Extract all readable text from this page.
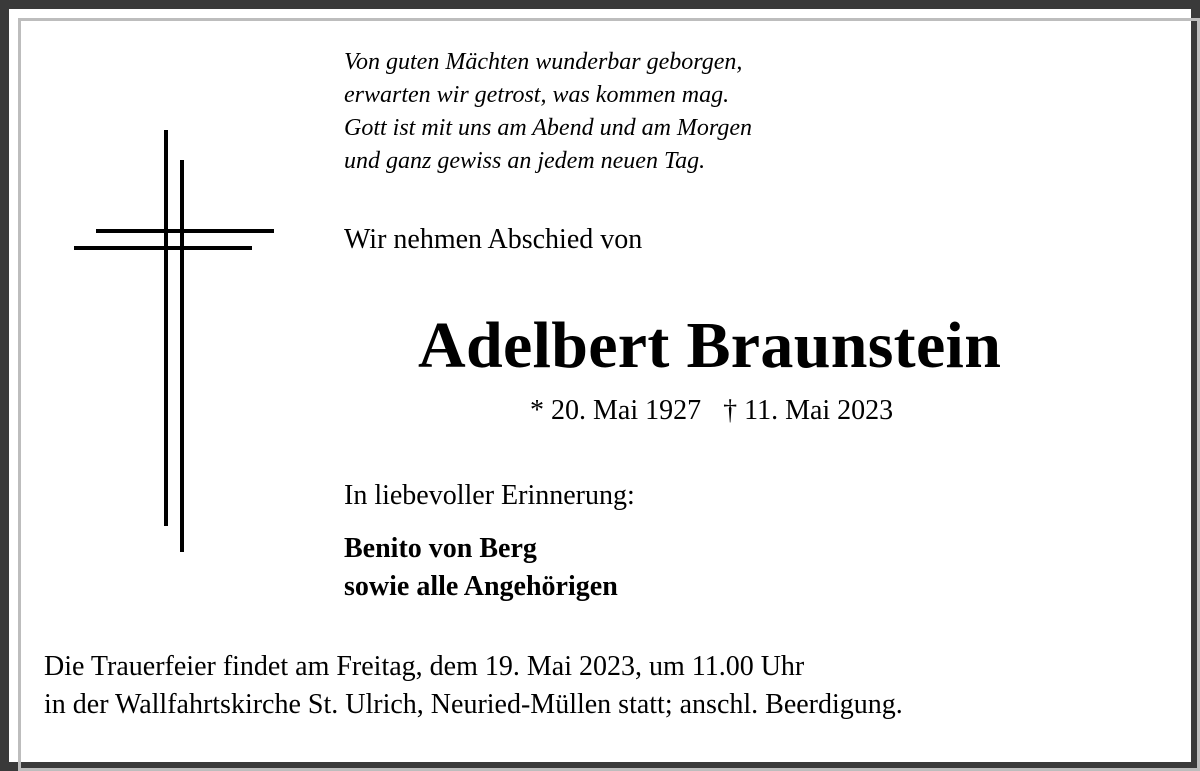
Von guten Mächten wunderbar geborgen,
erwarten wir getrost, was kommen mag.
Gott ist mit uns am Abend und am Morgen
und ganz gewiss an jedem neuen Tag.
Wir nehmen Abschied von
Adelbert Braunstein
* 20. Mai 1927 † 11. Mai 2023
In liebevoller Erinnerung:
Benito von Berg
sowie alle Angehörigen
Die Trauerfeier findet am Freitag, dem 19. Mai 2023, um 11.00 Uhr
in der Wallfahrtskirche St. Ulrich, Neuried-Müllen statt; anschl. Beerdigung.
